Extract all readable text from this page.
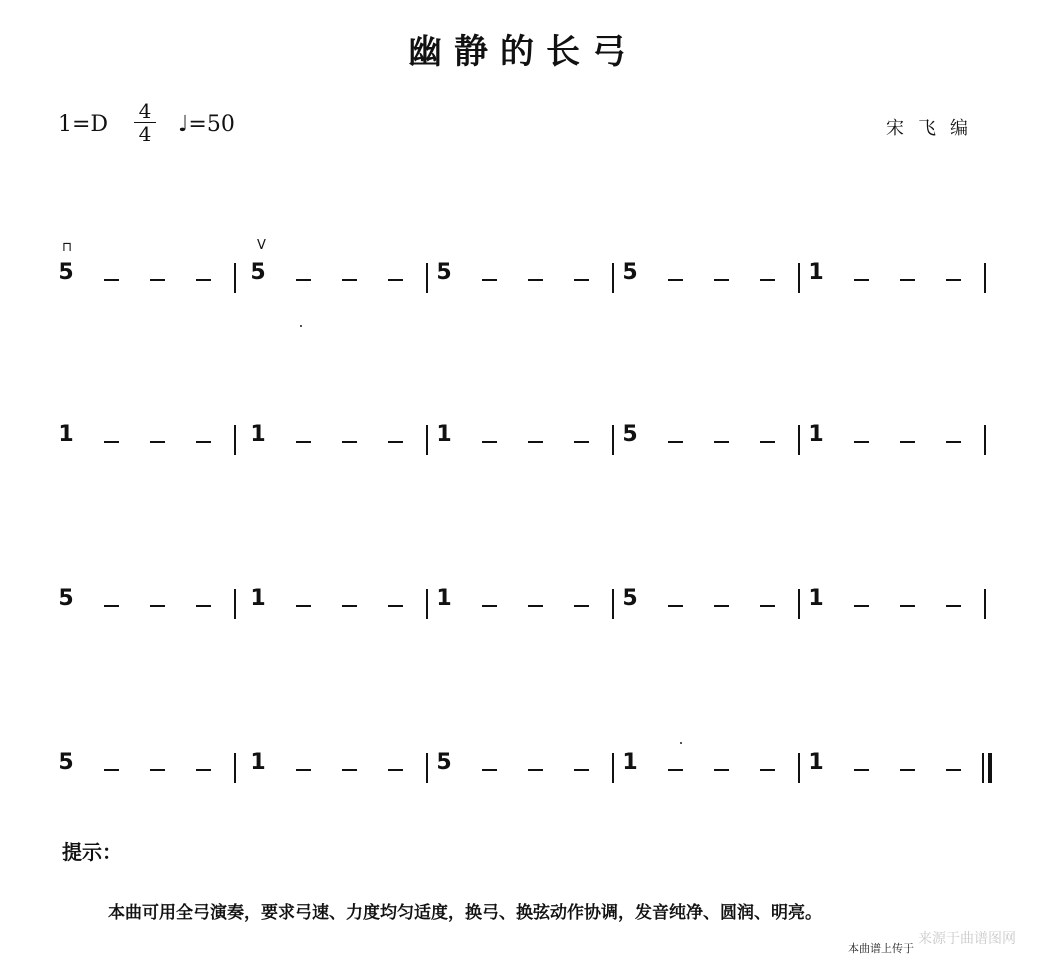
幽静的长弓
$1=D \frac{4}{4}$ ♩=50	宋飞编
⊓	V
5	5	5	5	1
1	1	1	5	1
5	1	1	5	1
5	1	5	1	1
提示：
本曲可用全弓演奏，要求弓速、力度均匀适度，换弓、换弦动作协调，发音纯净、圆润、明亮。
本曲谱上传于
来源于曲谱图网
